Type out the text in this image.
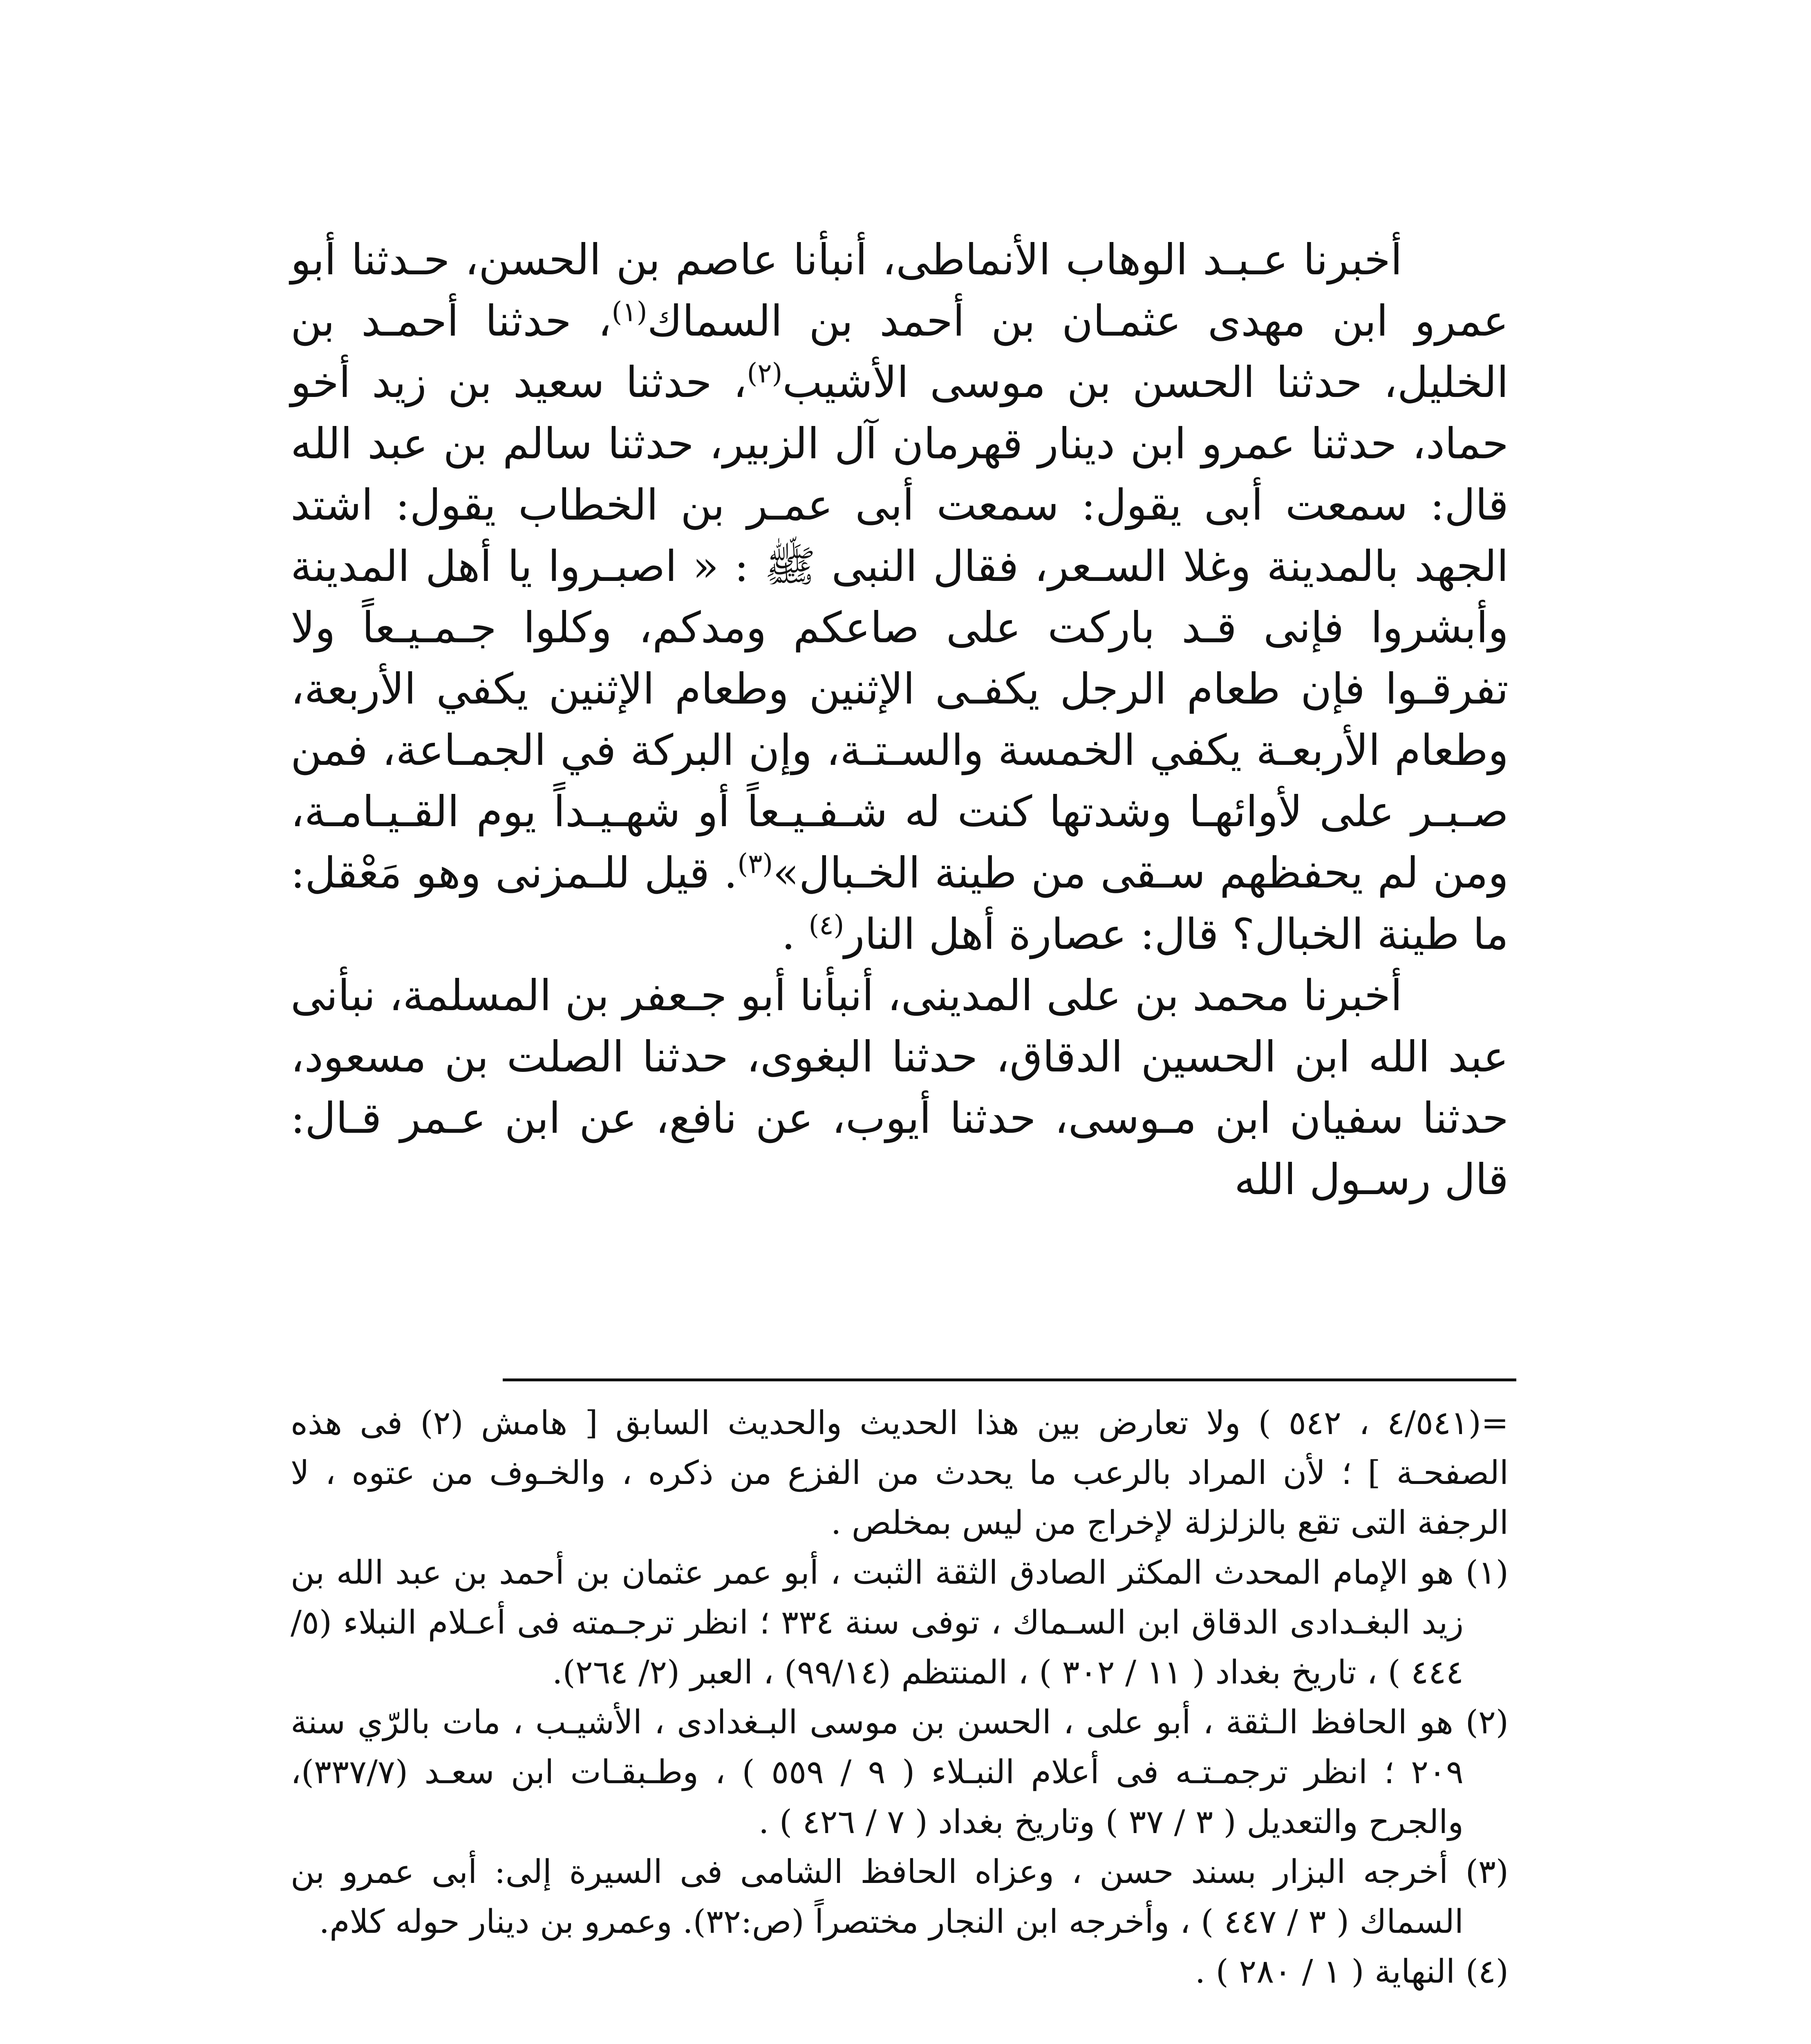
أخبرنا عـبـد الوهاب الأنماطى، أنبأنا عاصم بن الحسن، حـدثنا أبو عمرو ابن مهدى عثمـان بن أحمد بن السماك$^{(١)}$، حدثنا أحمـد بن الخليل، حدثنا الحسن بن موسى الأشيب$^{(٢)}$، حدثنا سعيد بن زيد أخو حماد، حدثنا عمرو ابن دينار قهرمان آل الزبير، حدثنا سالم بن عبد الله قال: سمعت أبى يقول: سمعت أبى عمـر بن الخطاب يقول: اشتد الجهد بالمدينة وغلا السـعر، فقال النبى ﷺ : « اصبـروا يا أهل المدينة وأبشروا فإنى قـد باركت على صاعكم ومدكم، وكلوا جـمـيـعاً ولا تفرقـوا فإن طعام الرجل يكفـى الإثنين وطعام الإثنين يكفي الأربعة، وطعام الأربعـة يكفي الخمسة والسـتـة، وإن البركة في الجمـاعة، فمن صـبـر على لأوائهـا وشدتها كنت له شـفـيـعاً أو شهـيـداً يوم القـيـامـة، ومن لم يحفظهم سـقى من طينة الخـبال»$^{(٣)}$. قيل للـمزنى وهو مَعْقل: ما طينة الخبال؟ قال: عصارة أهل النار$^{(٤)}$ .

أخبرنا محمد بن على المدينى، أنبأنا أبو جـعفر بن المسلمة، نبأنى عبد الله ابن الحسين الدقاق، حدثنا البغوى، حدثنا الصلت بن مسعود، حدثنا سفيان ابن مـوسى، حدثنا أيوب، عن نافع، عن ابن عـمر قـال: قال رسـول الله

=(٤/٥٤١ ، ٥٤٢ ) ولا تعارض بين هذا الحديث والحديث السابق [ هامش (٢) فى هذه الصفحـة ] ؛ لأن المراد بالرعب ما يحدث من الفزع من ذكره ، والخـوف من عتوه ، لا الرجفة التى تقع بالزلزلة لإخراج من ليس بمخلص .

(١) هو الإمام المحدث المكثر الصادق الثقة الثبت ، أبو عمر عثمان بن أحمد بن عبد الله بن زيد البغـدادى الدقاق ابن السـماك ، توفى سنة ٣٣٤ ؛ انظر ترجـمته فى أعـلام النبلاء (٥/ ٤٤٤ ) ، تاريخ بغداد ( ١١ / ٣٠٢ ) ، المنتظم (٩٩/١٤) ، العبر (٢/ ٢٦٤).

(٢) هو الحافظ الـثقة ، أبو على ، الحسن بن موسى البـغدادى ، الأشيـب ، مات بالرّي سنة ٢٠٩ ؛ انظر ترجمـتـه فى أعلام النبـلاء ( ٩ / ٥٥٩ ) ، وطـبقـات ابن سعـد (٣٣٧/٧)، والجرح والتعديل ( ٣ / ٣٧ ) وتاريخ بغداد ( ٧ / ٤٢٦ ) .

(٣) أخرجه البزار بسند حسن ، وعزاه الحافظ الشامى فى السيرة إلى: أبى عمرو بن السماك ( ٣ / ٤٤٧ ) ، وأخرجه ابن النجار مختصراً (ص:٣٢). وعمرو بن دينار حوله كلام.

(٤) النهاية ( ١ / ٢٨٠ ) .
